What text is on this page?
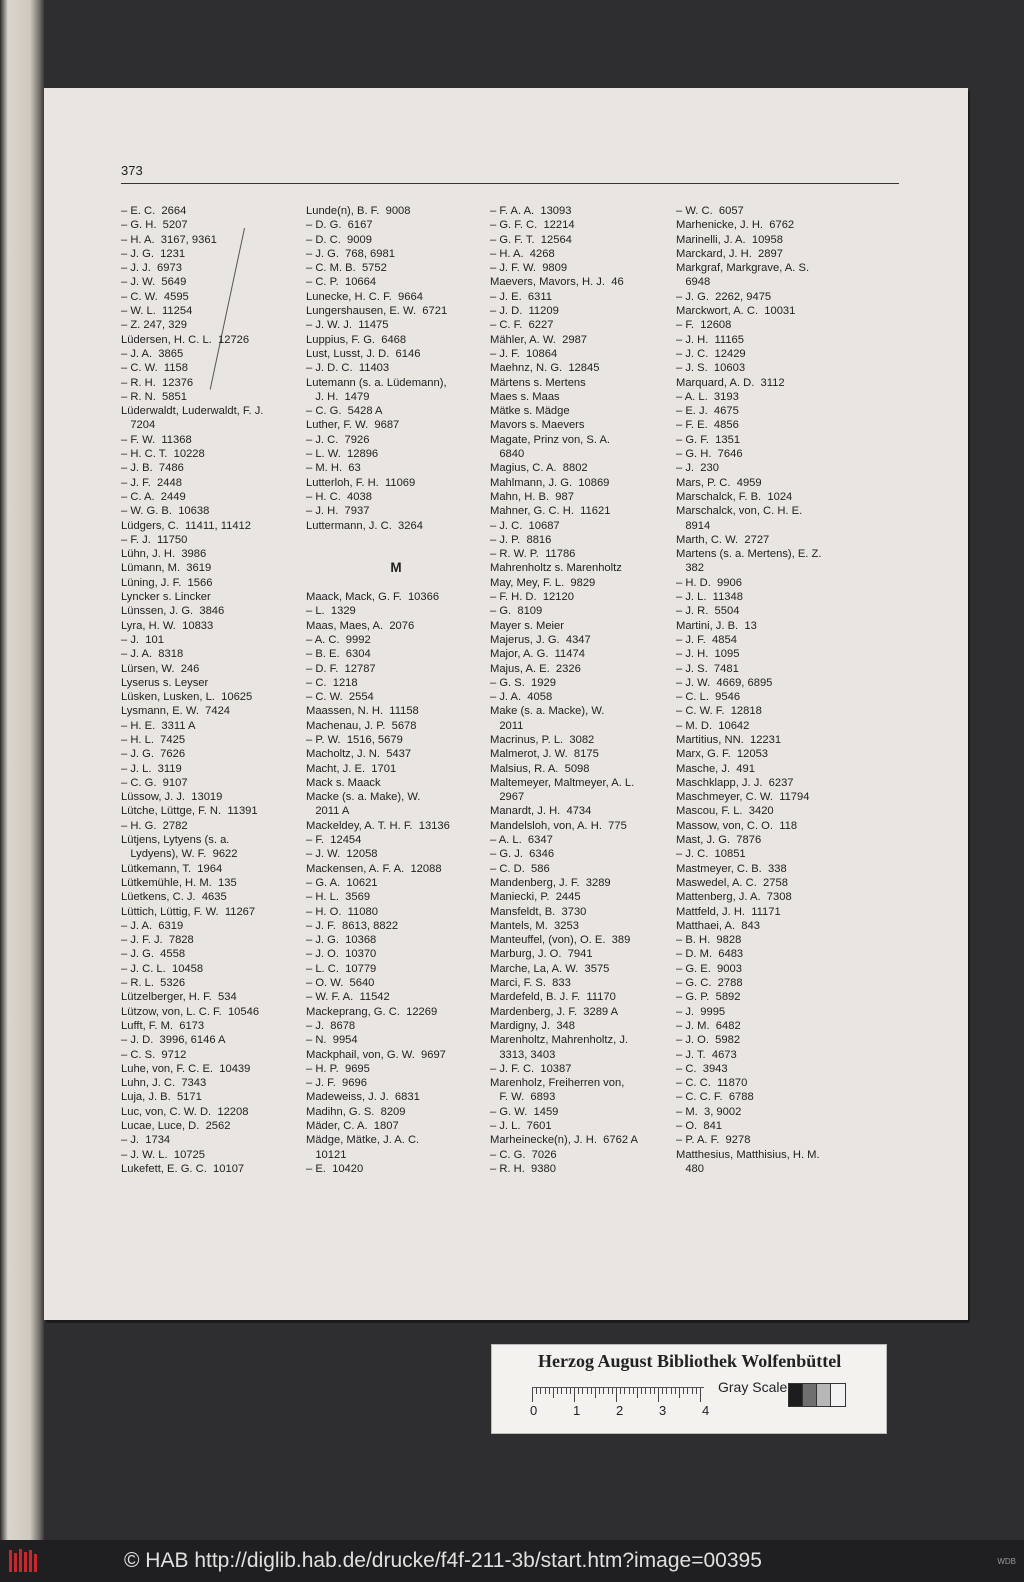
373
– E. C.  2664
– G. H.  5207
– H. A.  3167, 9361
– J. G.  1231
– J. J.  6973
– J. W.  5649
– C. W.  4595
– W. L.  11254
– Z. 247, 329
Lüdersen, H. C. L.  12726
– J. A.  3865
– C. W.  1158
– R. H.  12376
– R. N.  5851
Lüderwaldt, Luderwaldt, F. J.
7204
– F. W.  11368
– H. C. T.  10228
– J. B.  7486
– J. F.  2448
– C. A.  2449
– W. G. B.  10638
Lüdgers, C.  11411, 11412
– F. J.  11750
Lühn, J. H.  3986
Lümann, M.  3619
Lüning, J. F.  1566
Lyncker s. Lincker
Lünssen, J. G.  3846
Lyra, H. W.  10833
– J.  101
– J. A.  8318
Lürsen, W.  246
Lyserus s. Leyser
Lüsken, Lusken, L.  10625
Lysmann, E. W.  7424
– H. E.  3311 A
– H. L.  7425
– J. G.  7626
– J. L.  3119
– C. G.  9107
Lüssow, J. J.  13019
Lütche, Lüttge, F. N.  11391
– H. G.  2782
Lütjens, Lytyens (s. a.
Lydyens), W. F.  9622
Lütkemann, T.  1964
Lütkemühle, H. M.  135
Lüetkens, C. J.  4635
Lüttich, Lüttig, F. W.  11267
– J. A.  6319
– J. F. J.  7828
– J. G.  4558
– J. C. L.  10458
– R. L.  5326
Lützelberger, H. F.  534
Lützow, von, L. C. F.  10546
Lufft, F. M.  6173
– J. D.  3996, 6146 A
– C. S.  9712
Luhe, von, F. C. E.  10439
Luhn, J. C.  7343
Luja, J. B.  5171
Luc, von, C. W. D.  12208
Lucae, Luce, D.  2562
– J.  1734
– J. W. L.  10725
Lukefett, E. G. C.  10107
Lunde(n), B. F.  9008
– D. G.  6167
– D. C.  9009
– J. G.  768, 6981
– C. M. B.  5752
– C. P.  10664
Lunecke, H. C. F.  9664
Lungershausen, E. W.  6721
– J. W. J.  11475
Luppius, F. G.  6468
Lust, Lusst, J. D.  6146
– J. D. C.  11403
Lutemann (s. a. Lüdemann),
J. H.  1479
– C. G.  5428 A
Luther, F. W.  9687
– J. C.  7926
– L. W.  12896
– M. H.  63
Lutterloh, F. H.  11069
– H. C.  4038
– J. H.  7937
Luttermann, J. C.  3264
M
Maack, Mack, G. F.  10366
– L.  1329
Maas, Maes, A.  2076
– A. C.  9992
– B. E.  6304
– D. F.  12787
– C.  1218
– C. W.  2554
Maassen, N. H.  11158
Machenau, J. P.  5678
– P. W.  1516, 5679
Macholtz, J. N.  5437
Macht, J. E.  1701
Mack s. Maack
Macke (s. a. Make), W.
2011 A
Mackeldey, A. T. H. F.  13136
– F.  12454
– J. W.  12058
Mackensen, A. F. A.  12088
– G. A.  10621
– H. L.  3569
– H. O.  11080
– J. F.  8613, 8822
– J. G.  10368
– J. O.  10370
– L. C.  10779
– O. W.  5640
– W. F. A.  11542
Mackeprang, G. C.  12269
– J.  8678
– N.  9954
Mackphail, von, G. W.  9697
– H. P.  9695
– J. F.  9696
Madeweiss, J. J.  6831
Madihn, G. S.  8209
Mäder, C. A.  1807
Mädge, Mätke, J. A. C.
10121
– E.  10420
– F. A. A.  13093
– G. F. C.  12214
– G. F. T.  12564
– H. A.  4268
– J. F. W.  9809
Maevers, Mavors, H. J.  46
– J. E.  6311
– J. D.  11209
– C. F.  6227
Mähler, A. W.  2987
– J. F.  10864
Maehnz, N. G.  12845
Märtens s. Mertens
Maes s. Maas
Mätke s. Mädge
Mavors s. Maevers
Magate, Prinz von, S. A.
6840
Magius, C. A.  8802
Mahlmann, J. G.  10869
Mahn, H. B.  987
Mahner, G. C. H.  11621
– J. C.  10687
– J. P.  8816
– R. W. P.  11786
Mahrenholtz s. Marenholtz
May, Mey, F. L.  9829
– F. H. D.  12120
– G.  8109
Mayer s. Meier
Majerus, J. G.  4347
Major, A. G.  11474
Majus, A. E.  2326
– G. S.  1929
– J. A.  4058
Make (s. a. Macke), W.
2011
Macrinus, P. L.  3082
Malmerot, J. W.  8175
Malsius, R. A.  5098
Maltemeyer, Maltmeyer, A. L.
2967
Manardt, J. H.  4734
Mandelsloh, von, A. H.  775
– A. L.  6347
– G. J.  6346
– C. D.  586
Mandenberg, J. F.  3289
Maniecki, P.  2445
Mansfeldt, B.  3730
Mantels, M.  3253
Manteuffel, (von), O. E.  389
Marburg, J. O.  7941
Marche, La, A. W.  3575
Marci, F. S.  833
Mardefeld, B. J. F.  11170
Mardenberg, J. F.  3289 A
Mardigny, J.  348
Marenholtz, Mahrenholtz, J.
3313, 3403
– J. F. C.  10387
Marenholz, Freiherren von,
F. W.  6893
– G. W.  1459
– J. L.  7601
Marheinecke(n), J. H.  6762 A
– C. G.  7026
– R. H.  9380
– W. C.  6057
Marhenicke, J. H.  6762
Marinelli, J. A.  10958
Marckard, J. H.  2897
Markgraf, Markgrave, A. S.
6948
– J. G.  2262, 9475
Marckwort, A. C.  10031
– F.  12608
– J. H.  11165
– J. C.  12429
– J. S.  10603
Marquard, A. D.  3112
– A. L.  3193
– E. J.  4675
– F. E.  4856
– G. F.  1351
– G. H.  7646
– J.  230
Mars, P. C.  4959
Marschalck, F. B.  1024
Marschalck, von, C. H. E.
8914
Marth, C. W.  2727
Martens (s. a. Mertens), E. Z.
382
– H. D.  9906
– J. L.  11348
– J. R.  5504
Martini, J. B.  13
– J. F.  4854
– J. H.  1095
– J. S.  7481
– J. W.  4669, 6895
– C. L.  9546
– C. W. F.  12818
– M. D.  10642
Martitius, NN.  12231
Marx, G. F.  12053
Masche, J.  491
Maschklapp, J. J.  6237
Maschmeyer, C. W.  11794
Mascou, F. L.  3420
Massow, von, C. O.  118
Mast, J. G.  7876
– J. C.  10851
Mastmeyer, C. B.  338
Maswedel, A. C.  2758
Mattenberg, J. A.  7308
Mattfeld, J. H.  11171
Matthaei, A.  843
– B. H.  9828
– D. M.  6483
– G. E.  9003
– G. C.  2788
– G. P.  5892
– J.  9995
– J. M.  6482
– J. O.  5982
– J. T.  4673
– C.  3943
– C. C.  11870
– C. C. F.  6788
– M.  3, 9002
– O.  841
– P. A. F.  9278
Matthesius, Matthisius, H. M.
480
Herzog August Bibliothek Wolfenbüttel
0	1	2	3	4
Gray Scale
© HAB http://diglib.hab.de/drucke/f4f-211-3b/start.htm?image=00395	WDB
